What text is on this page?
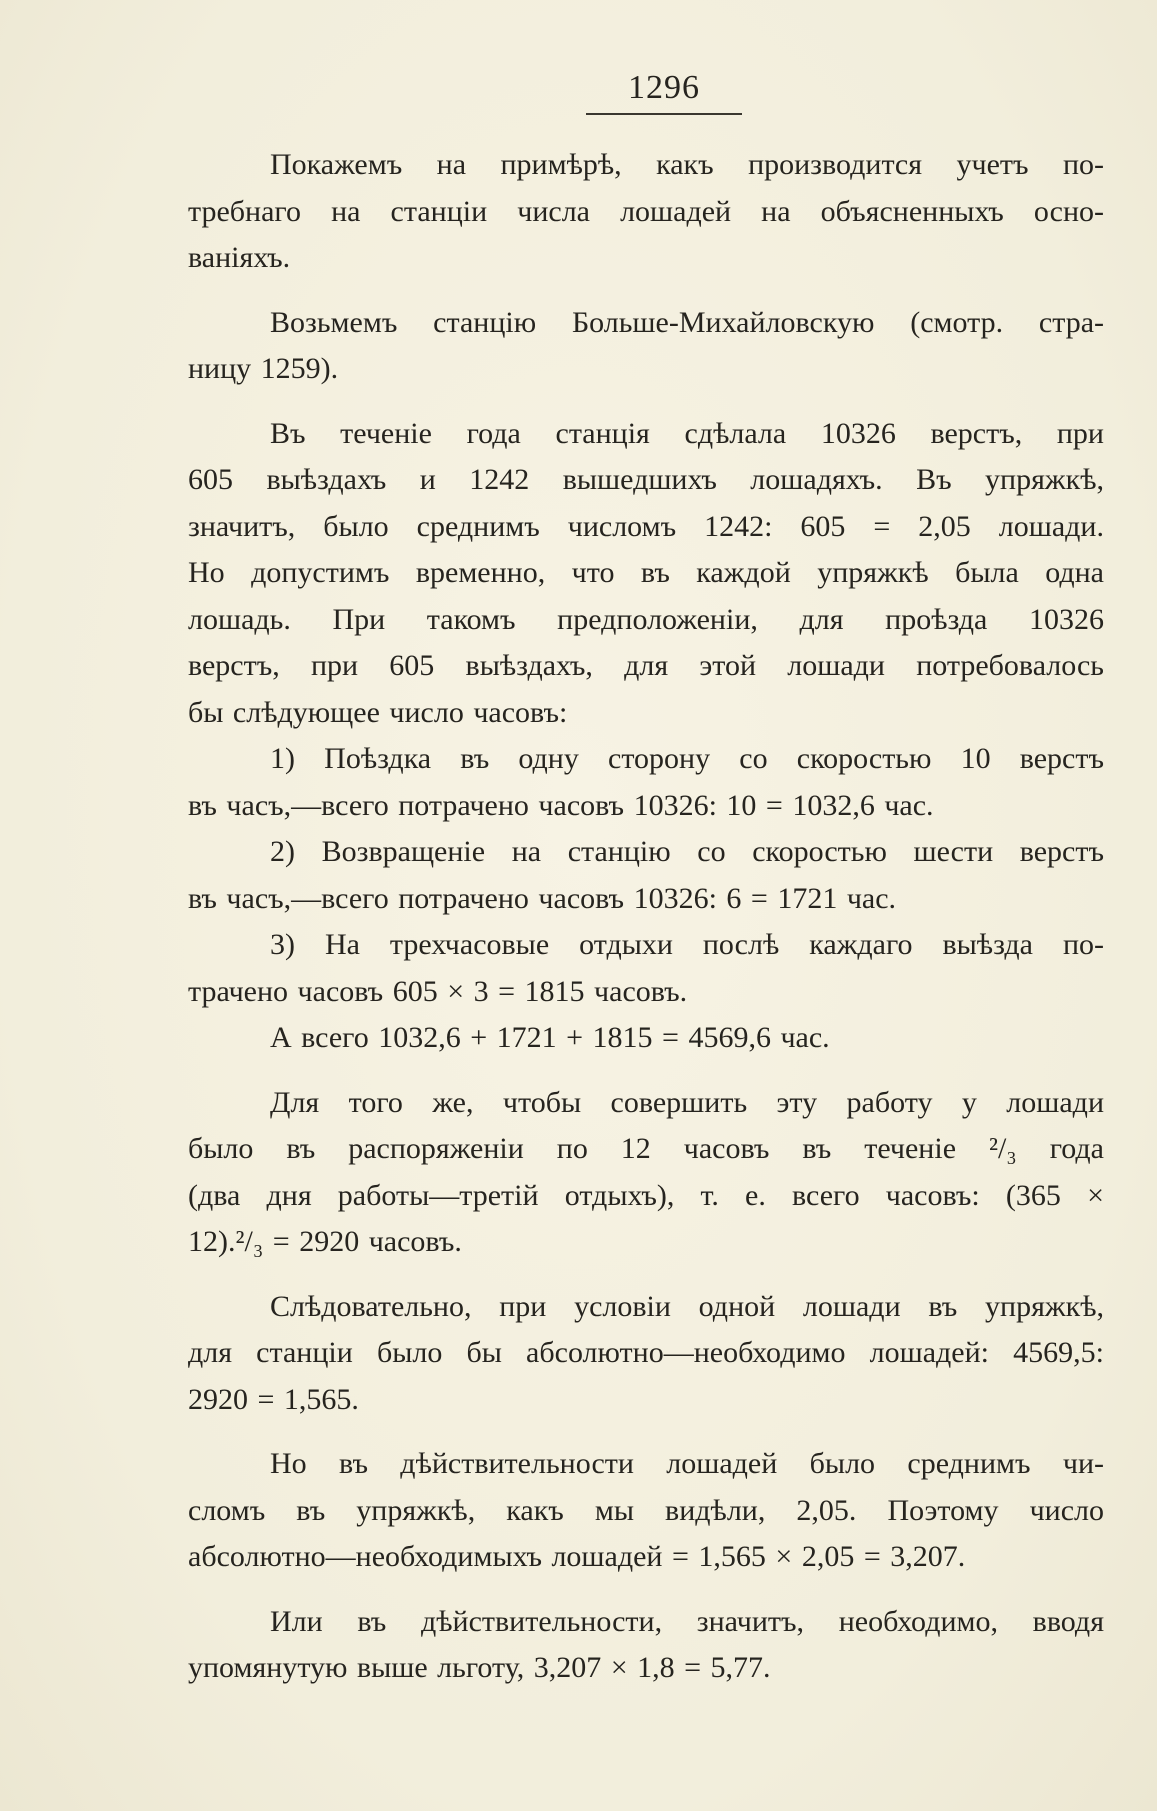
1296
Покажемъ на примѣрѣ, какъ производится учетъ по-
требнаго на станціи числа лошадей на объясненныхъ осно-
ваніяхъ.
Возьмемъ станцію Больше-Михайловскую (смотр. стра-
ницу 1259).
Въ теченіе года станція сдѣлала 10326 верстъ, при
605 выѣздахъ и 1242 вышедшихъ лошадяхъ. Въ упряжкѣ,
значитъ, было среднимъ числомъ 1242: 605 = 2,05 лошади.
Но допустимъ временно, что въ каждой упряжкѣ была одна
лошадь. При такомъ предположеніи, для проѣзда 10326
верстъ, при 605 выѣздахъ, для этой лошади потребовалось
бы слѣдующее число часовъ:
1) Поѣздка въ одну сторону со скоростью 10 верстъ
въ часъ,—всего потрачено часовъ 10326: 10 = 1032,6 час.
2) Возвращеніе на станцію со скоростью шести верстъ
въ часъ,—всего потрачено часовъ 10326: 6 = 1721 час.
3) На трехчасовые отдыхи послѣ каждаго выѣзда по-
трачено часовъ 605 × 3 = 1815 часовъ.
А всего 1032,6 + 1721 + 1815 = 4569,6 час.
Для того же, чтобы совершить эту работу у лошади
было въ распоряженіи по 12 часовъ въ теченіе ²/₃ года
(два дня работы—третій отдыхъ), т. е. всего часовъ: (365 ×
12).²/₃ = 2920 часовъ.
Слѣдовательно, при условіи одной лошади въ упряжкѣ,
для станціи было бы абсолютно—необходимо лошадей: 4569,5:
2920 = 1,565.
Но въ дѣйствительности лошадей было среднимъ чи-
сломъ въ упряжкѣ, какъ мы видѣли, 2,05. Поэтому число
абсолютно—необходимыхъ лошадей = 1,565 × 2,05 = 3,207.
Или въ дѣйствительности, значитъ, необходимо, вводя
упомянутую выше льготу, 3,207 × 1,8 = 5,77.
